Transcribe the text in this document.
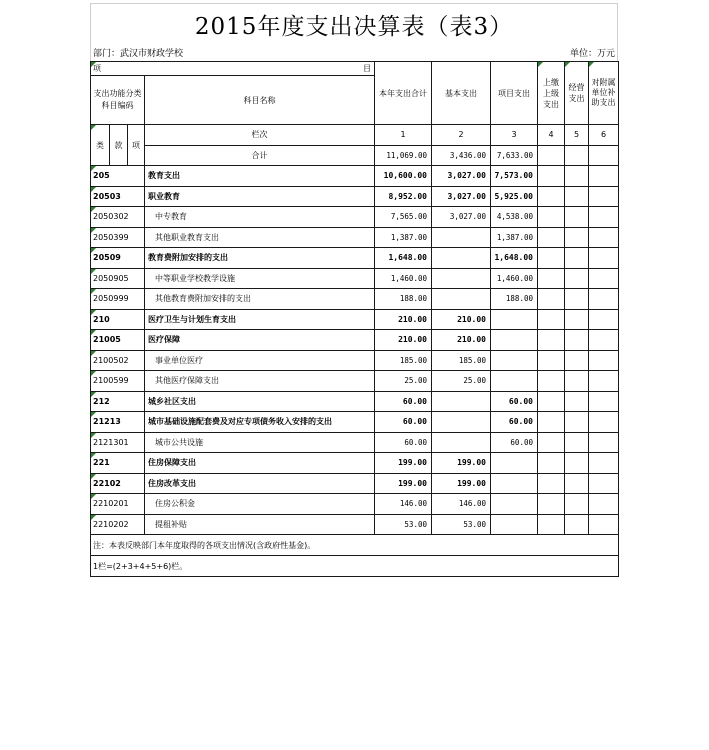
2015年度支出决算表（表3）
部门：武汉市财政学校	单位：万元
项 目				本年支出合计	基本支出	项目支出	上缴上级支出	经营支出	对附属单位补助支出

支出功能分类科目编码			科目名称						
类	款	项	栏次	1	2	3	4	5	6
			合计	11,069.00	3,436.00	7,633.00			
205			教育支出	10,600.00	3,027.00	7,573.00			
20503			职业教育	8,952.00	3,027.00	5,925.00			
2050302			中专教育	7,565.00	3,027.00	4,538.00			
2050399			其他职业教育支出	1,387.00		1,387.00			
20509			教育费附加安排的支出	1,648.00		1,648.00			
2050905			中等职业学校教学设施	1,460.00		1,460.00			
2050999			其他教育费附加安排的支出	188.00		188.00			
210			医疗卫生与计划生育支出	210.00	210.00				
21005			医疗保障	210.00	210.00				
2100502			事业单位医疗	185.00	185.00				
2100599			其他医疗保障支出	25.00	25.00				
212			城乡社区支出	60.00		60.00			
21213			城市基础设施配套费及对应专项债务收入安排的支出	60.00		60.00			
2121301			城市公共设施	60.00		60.00			
221			住房保障支出	199.00	199.00				
22102			住房改革支出	199.00	199.00				
2210201			住房公积金	146.00	146.00				
2210202			提租补贴	53.00	53.00				
注：本表反映部门本年度取得的各项支出情况(含政府性基金)。									
1栏=(2+3+4+5+6)栏。									
